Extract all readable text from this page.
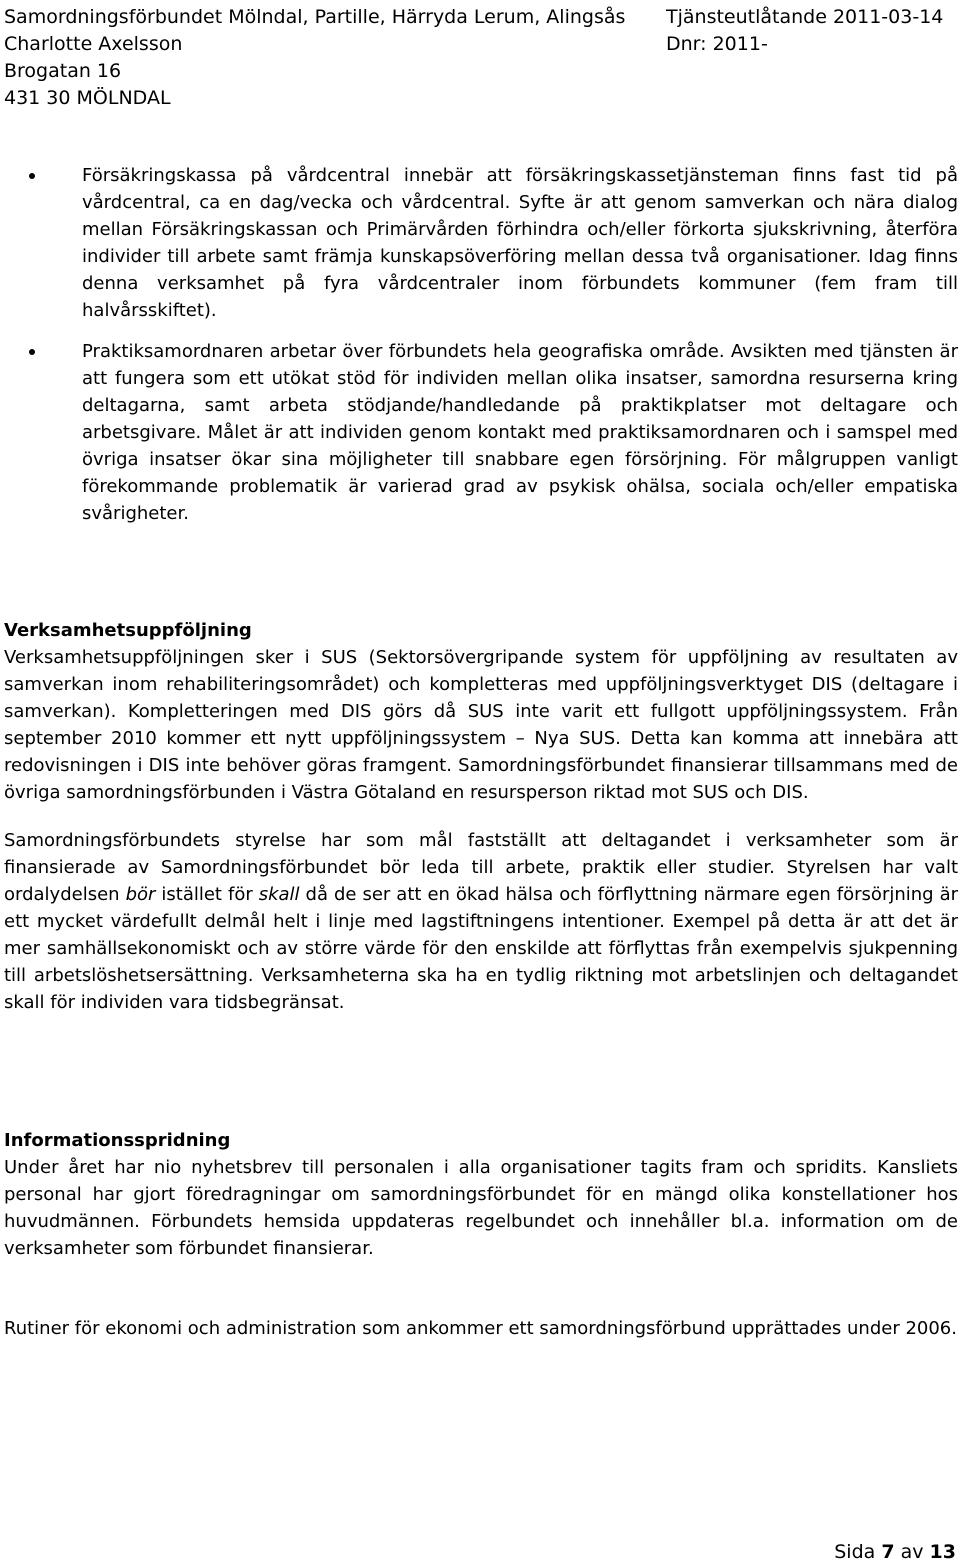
Samordningsförbundet Mölndal, Partille, Härryda Lerum, Alingsås Tjänsteutlåtande 2011-03-14
Charlotte Axelsson	Dnr: 2011-
Brogatan 16
431 30 MÖLNDAL
Försäkringskassa på vårdcentral innebär att försäkringskassetjänsteman finns fast tid på vårdcentral, ca en dag/vecka och vårdcentral. Syfte är att genom samverkan och nära dialog mellan Försäkringskassan och Primärvården förhindra och/eller förkorta sjukskrivning, återföra individer till arbete samt främja kunskapsöverföring mellan dessa två organisationer. Idag finns denna verksamhet på fyra vårdcentraler inom förbundets kommuner (fem fram till halvårsskiftet).
Praktiksamordnaren arbetar över förbundets hela geografiska område. Avsikten med tjänsten är att fungera som ett utökat stöd för individen mellan olika insatser, samordna resurserna kring deltagarna, samt arbeta stödjande/handledande på praktikplatser mot deltagare och arbetsgivare. Målet är att individen genom kontakt med praktiksamordnaren och i samspel med övriga insatser ökar sina möjligheter till snabbare egen försörjning. För målgruppen vanligt förekommande problematik är varierad grad av psykisk ohälsa, sociala och/eller empatiska svårigheter.
Verksamhetsuppföljning

Verksamhetsuppföljningen sker i SUS (Sektorsövergripande system för uppföljning av resultaten av samverkan inom rehabiliteringsområdet) och kompletteras med uppföljningsverktyget DIS (deltagare i samverkan). Kompletteringen med DIS görs då SUS inte varit ett fullgott uppföljningssystem. Från september 2010 kommer ett nytt uppföljningssystem – Nya SUS. Detta kan komma att innebära att redovisningen i DIS inte behöver göras framgent. Samordningsförbundet finansierar tillsammans med de övriga samordningsförbunden i Västra Götaland en resursperson riktad mot SUS och DIS.

Samordningsförbundets styrelse har som mål fastställt att deltagandet i verksamheter som är finansierade av Samordningsförbundet bör leda till arbete, praktik eller studier. Styrelsen har valt ordalydelsen bör istället för skall då de ser att en ökad hälsa och förflyttning närmare egen försörjning är ett mycket värdefullt delmål helt i linje med lagstiftningens intentioner. Exempel på detta är att det är mer samhällsekonomiskt och av större värde för den enskilde att förflyttas från exempelvis sjukpenning till arbetslöshetsersättning. Verksamheterna ska ha en tydlig riktning mot arbetslinjen och deltagandet skall för individen vara tidsbegränsat.

Informationsspridning

Under året har nio nyhetsbrev till personalen i alla organisationer tagits fram och spridits. Kansliets personal har gjort föredragningar om samordningsförbundet för en mängd olika konstellationer hos huvudmännen. Förbundets hemsida uppdateras regelbundet och innehåller bl.a. information om de verksamheter som förbundet finansierar.

Rutiner för ekonomi och administration som ankommer ett samordningsförbund upprättades under 2006.

Sida 7 av 13
